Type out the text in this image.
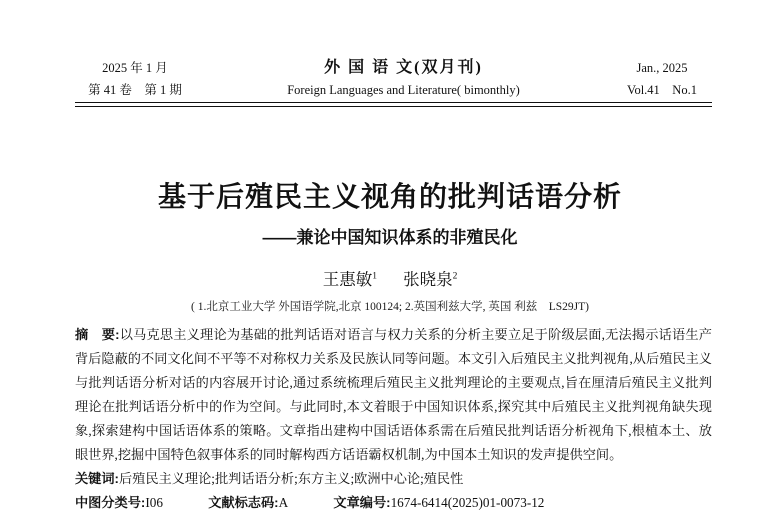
2025 年 1 月
第 41 卷　第 1 期
外 国 语 文(双月刊)
Foreign Languages and Literature( bimonthly)
Jan., 2025
Vol.41　No.1
基于后殖民主义视角的批判话语分析
——兼论中国知识体系的非殖民化
王惠敏$^1$ 张晓泉$^2$
( 1.北京工业大学 外国语学院,北京 100124; 2.英国利兹大学, 英国 利兹　LS29JT)

摘　要:以马克思主义理论为基础的批判话语对语言与权力关系的分析主要立足于阶级层面,无法揭示话语生产背后隐蔽的不同文化间不平等不对称权力关系及民族认同等问题。本文引入后殖民主义批判视角,从后殖民主义与批判话语分析对话的内容展开讨论,通过系统梳理后殖民主义批判理论的主要观点,旨在厘清后殖民主义批判理论在批判话语分析中的作为空间。与此同时,本文着眼于中国知识体系,探究其中后殖民主义批判视角缺失现象,探索建构中国话语体系的策略。文章指出建构中国话语体系需在后殖民批判话语分析视角下,根植本土、放眼世界,挖掘中国特色叙事体系的同时解构西方话语霸权机制,为中国本土知识的发声提供空间。

关键词:后殖民主义理论;批判话语分析;东方主义;欧洲中心论;殖民性

中图分类号:I06	文献标志码:A	文章编号:1674-6414(2025)01-0073-12
